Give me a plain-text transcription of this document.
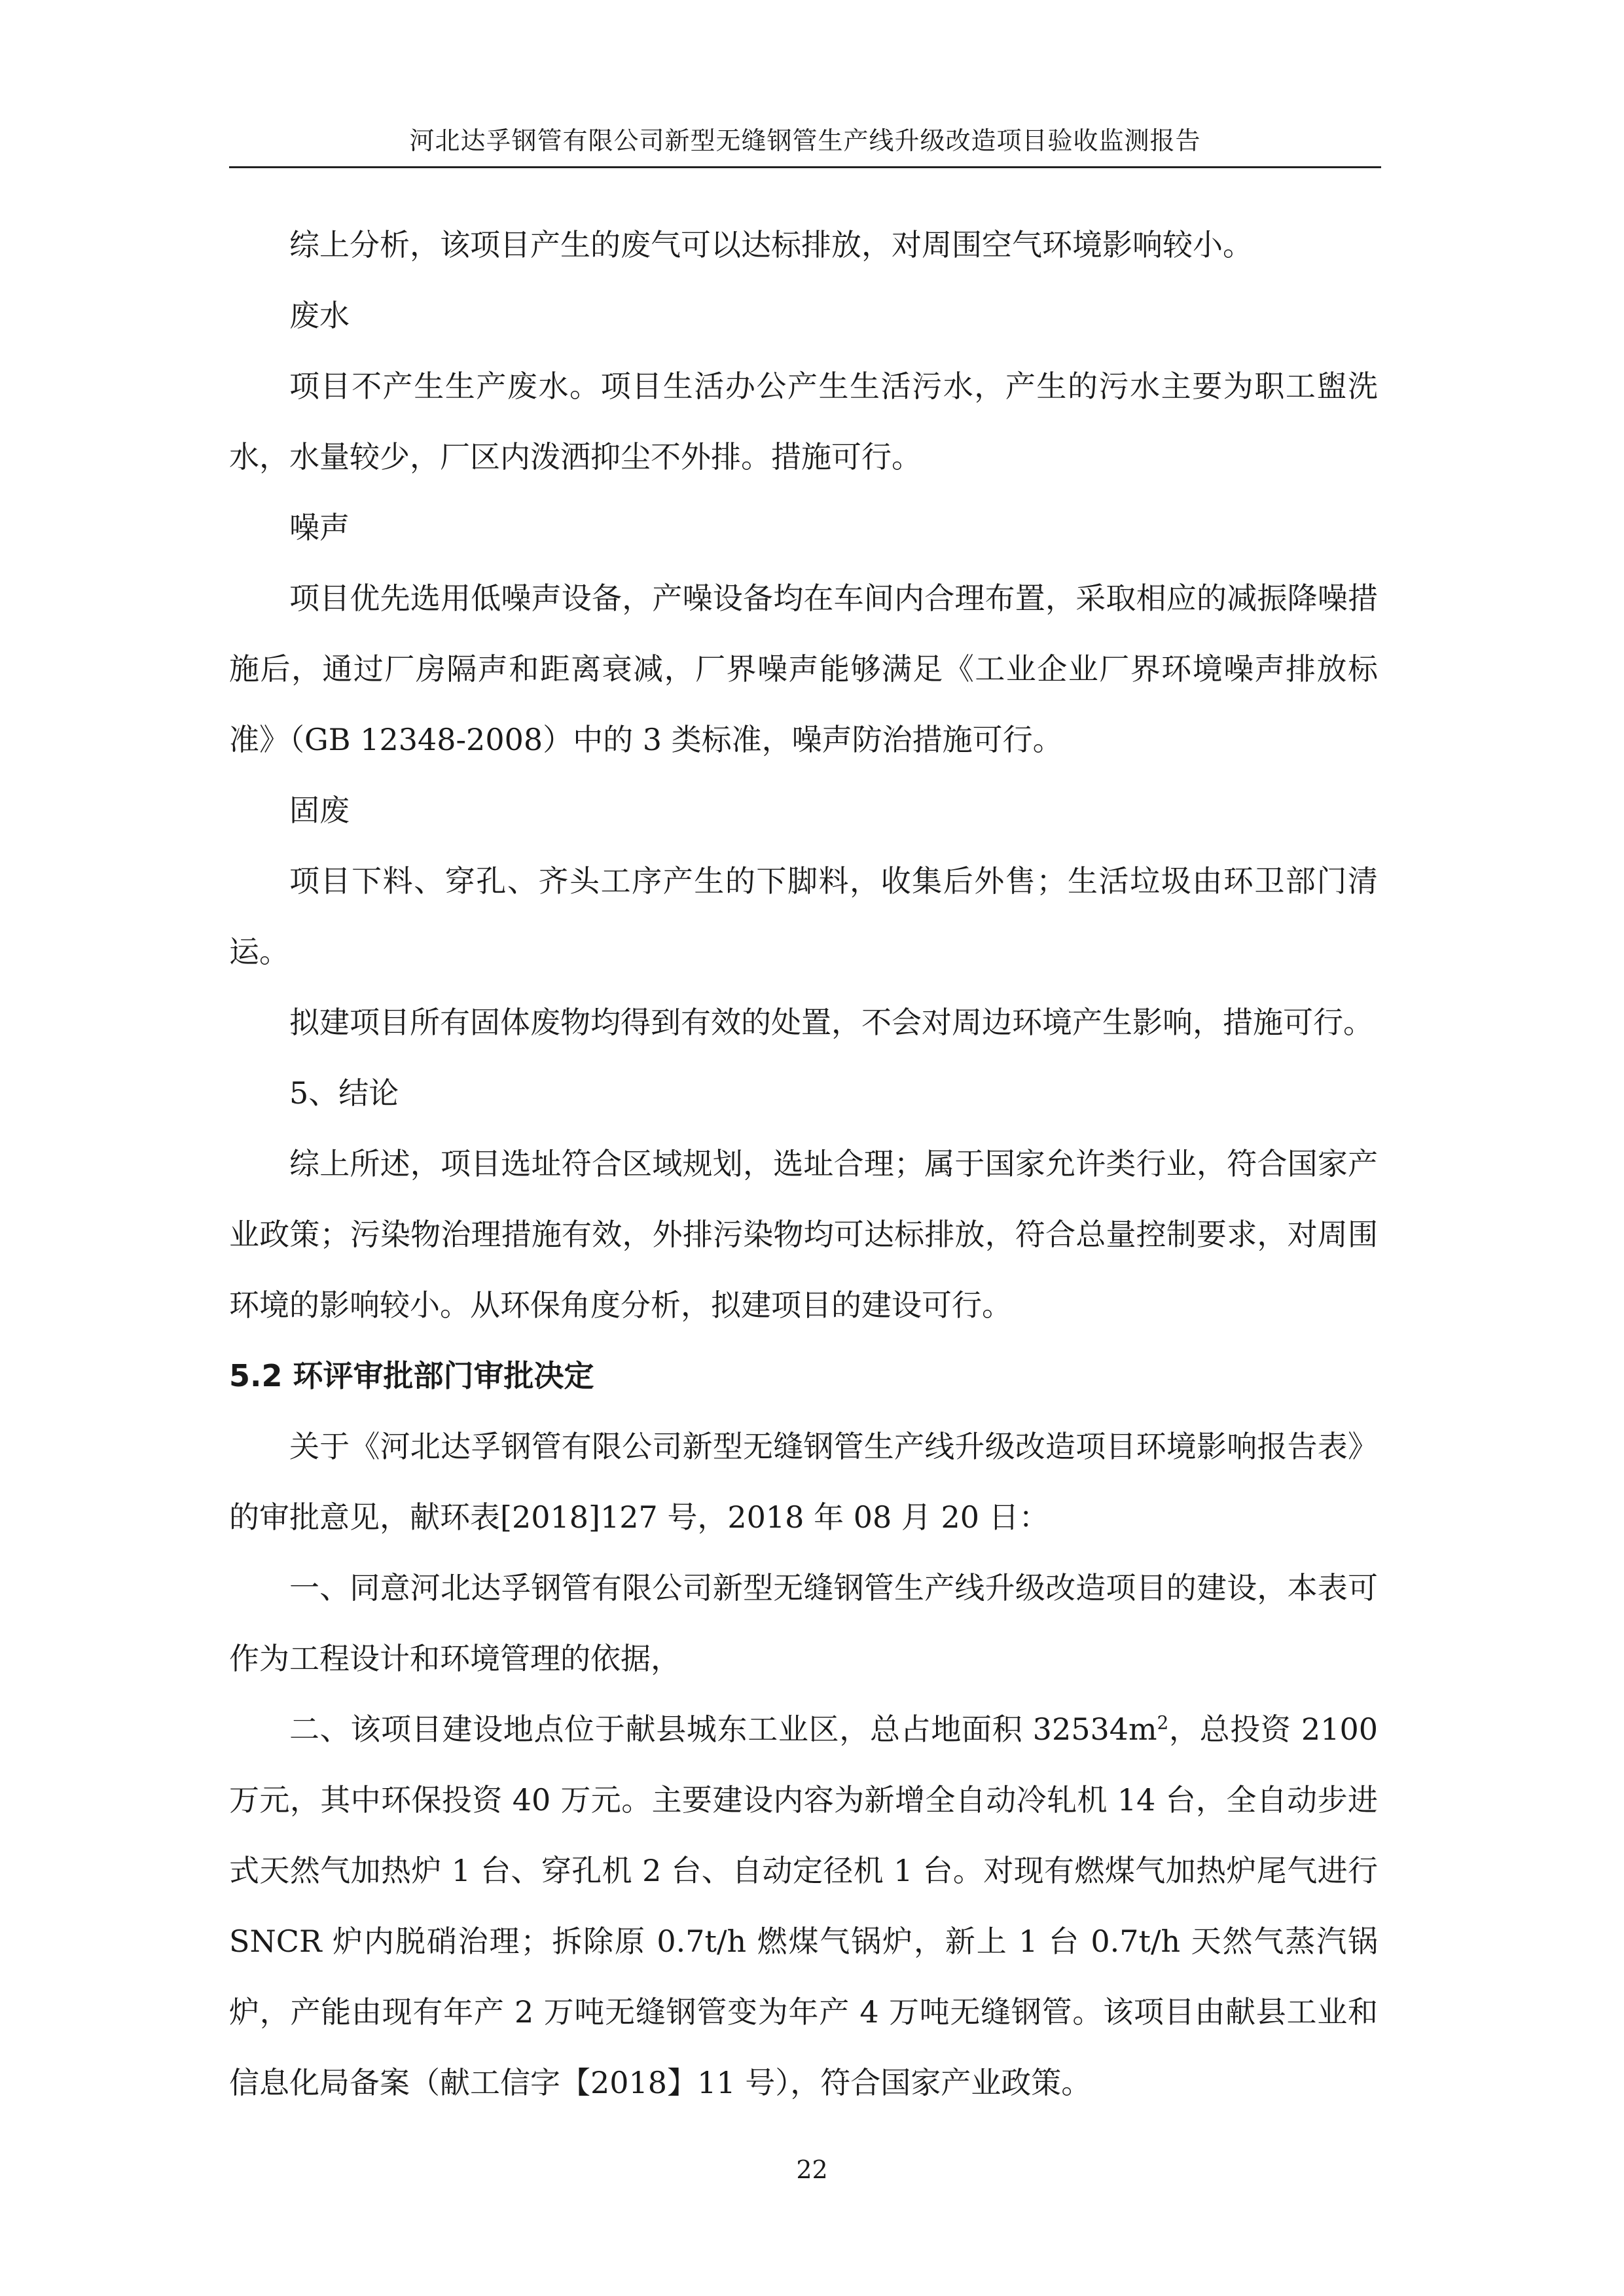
河北达孚钢管有限公司新型无缝钢管生产线升级改造项目验收监测报告

综上分析，该项目产生的废气可以达标排放，对周围空气环境影响较小。

废水

项目不产生生产废水。项目生活办公产生生活污水，产生的污水主要为职工盥洗水，水量较少，厂区内泼洒抑尘不外排。措施可行。

噪声

项目优先选用低噪声设备，产噪设备均在车间内合理布置，采取相应的减振降噪措施后，通过厂房隔声和距离衰减，厂界噪声能够满足《工业企业厂界环境噪声排放标准》（GB 12348-2008）中的 3 类标准，噪声防治措施可行。

固废

项目下料、穿孔、齐头工序产生的下脚料，收集后外售；生活垃圾由环卫部门清运。

拟建项目所有固体废物均得到有效的处置，不会对周边环境产生影响，措施可行。

5、结论

综上所述，项目选址符合区域规划，选址合理；属于国家允许类行业，符合国家产业政策；污染物治理措施有效，外排污染物均可达标排放，符合总量控制要求，对周围环境的影响较小。从环保角度分析，拟建项目的建设可行。

5.2 环评审批部门审批决定

关于《河北达孚钢管有限公司新型无缝钢管生产线升级改造项目环境影响报告表》的审批意见，献环表[2018]127 号，2018 年 08 月 20 日：

一、同意河北达孚钢管有限公司新型无缝钢管生产线升级改造项目的建设，本表可作为工程设计和环境管理的依据，

二、该项目建设地点位于献县城东工业区，总占地面积 $32534m^2$，总投资 2100 万元，其中环保投资 40 万元。主要建设内容为新增全自动冷轧机 14 台，全自动步进式天然气加热炉 1 台、穿孔机 2 台、自动定径机 1 台。对现有燃煤气加热炉尾气进行 SNCR 炉内脱硝治理；拆除原 0.7t/h 燃煤气锅炉，新上 1 台 0.7t/h 天然气蒸汽锅炉，产能由现有年产 2 万吨无缝钢管变为年产 4 万吨无缝钢管。该项目由献县工业和信息化局备案（献工信字【2018】11 号），符合国家产业政策。

22
